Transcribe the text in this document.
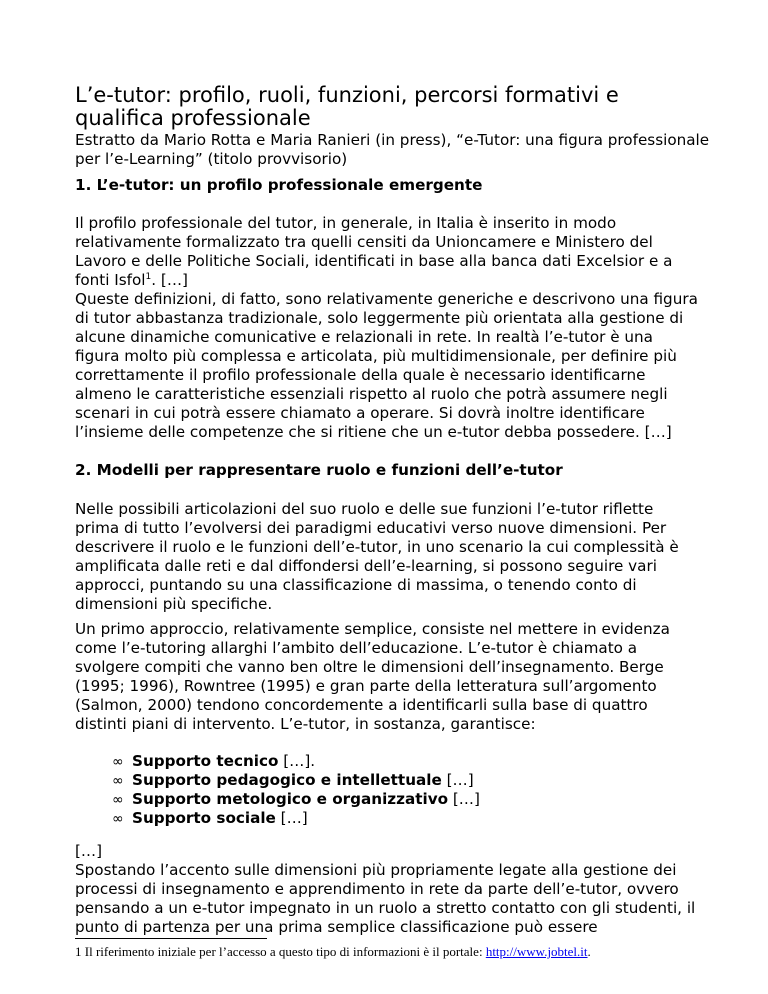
L’e-tutor: profilo, ruoli, funzioni, percorsi formativi e qualifica professionale
Estratto da Mario Rotta e Maria Ranieri (in press), “e-Tutor: una figura professionale per l’e-Learning” (titolo provvisorio)
1. L’e-tutor: un profilo professionale emergente
Il profilo professionale del tutor, in generale, in Italia è inserito in modo relativamente formalizzato tra quelli censiti da Unioncamere e Ministero del Lavoro e delle Politiche Sociali, identificati in base alla banca dati Excelsior e a fonti Isfol$^1$. […]
Queste definizioni, di fatto, sono relativamente generiche e descrivono una figura di tutor abbastanza tradizionale, solo leggermente più orientata alla gestione di alcune dinamiche comunicative e relazionali in rete. In realtà l’e-tutor è una figura molto più complessa e articolata, più multidimensionale, per definire più correttamente il profilo professionale della quale è necessario identificarne almeno le caratteristiche essenziali rispetto al ruolo che potrà assumere negli scenari in cui potrà essere chiamato a operare. Si dovrà inoltre identificare l’insieme delle competenze che si ritiene che un e-tutor debba possedere. […]
2. Modelli per rappresentare ruolo e funzioni dell’e-tutor
Nelle possibili articolazioni del suo ruolo e delle sue funzioni l’e-tutor riflette prima di tutto l’evolversi dei paradigmi educativi verso nuove dimensioni. Per descrivere il ruolo e le funzioni dell’e-tutor, in uno scenario la cui complessità è amplificata dalle reti e dal diffondersi dell’e-learning, si possono seguire vari approcci, puntando su una classificazione di massima, o tenendo conto di dimensioni più specifiche.
Un primo approccio, relativamente semplice, consiste nel mettere in evidenza come l’e-tutoring allarghi l’ambito dell’educazione. L’e-tutor è chiamato a svolgere compiti che vanno ben oltre le dimensioni dell’insegnamento. Berge (1995; 1996), Rowntree (1995) e gran parte della letteratura sull’argomento (Salmon, 2000) tendono concordemente a identificarli sulla base di quattro distinti piani di intervento. L’e-tutor, in sostanza, garantisce:
∞ Supporto tecnico […].
∞ Supporto pedagogico e intellettuale […]
∞ Supporto metologico e organizzativo […]
∞ Supporto sociale […]
[…]
Spostando l’accento sulle dimensioni più propriamente legate alla gestione dei processi di insegnamento e apprendimento in rete da parte dell’e-tutor, ovvero pensando a un e-tutor impegnato in un ruolo a stretto contatto con gli studenti, il punto di partenza per una prima semplice classificazione può essere
1 Il riferimento iniziale per l’accesso a questo tipo di informazioni è il portale: http://www.jobtel.it.
